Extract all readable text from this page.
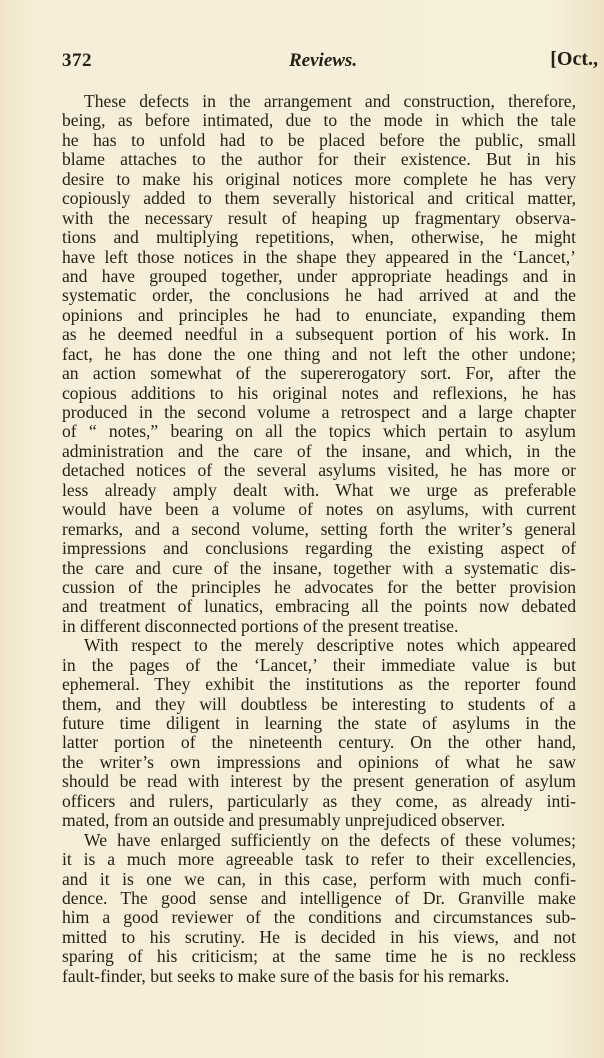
372	Reviews.	[Oct.,
These defects in the arrangement and construction, therefore,
being, as before intimated, due to the mode in which the tale
he has to unfold had to be placed before the public, small
blame attaches to the author for their existence. But in his
desire to make his original notices more complete he has very
copiously added to them severally historical and critical matter,
with the necessary result of heaping up fragmentary observa-
tions and multiplying repetitions, when, otherwise, he might
have left those notices in the shape they appeared in the ‘Lancet,’
and have grouped together, under appropriate headings and in
systematic order, the conclusions he had arrived at and the
opinions and principles he had to enunciate, expanding them
as he deemed needful in a subsequent portion of his work. In
fact, he has done the one thing and not left the other undone;
an action somewhat of the supererogatory sort. For, after the
copious additions to his original notes and reflexions, he has
produced in the second volume a retrospect and a large chapter
of “ notes,” bearing on all the topics which pertain to asylum
administration and the care of the insane, and which, in the
detached notices of the several asylums visited, he has more or
less already amply dealt with. What we urge as preferable
would have been a volume of notes on asylums, with current
remarks, and a second volume, setting forth the writer’s general
impressions and conclusions regarding the existing aspect of
the care and cure of the insane, together with a systematic dis-
cussion of the principles he advocates for the better provision
and treatment of lunatics, embracing all the points now debated
in different disconnected portions of the present treatise.
With respect to the merely descriptive notes which appeared
in the pages of the ‘Lancet,’ their immediate value is but
ephemeral. They exhibit the institutions as the reporter found
them, and they will doubtless be interesting to students of a
future time diligent in learning the state of asylums in the
latter portion of the nineteenth century. On the other hand,
the writer’s own impressions and opinions of what he saw
should be read with interest by the present generation of asylum
officers and rulers, particularly as they come, as already inti-
mated, from an outside and presumably unprejudiced observer.
We have enlarged sufficiently on the defects of these volumes;
it is a much more agreeable task to refer to their excellencies,
and it is one we can, in this case, perform with much confi-
dence. The good sense and intelligence of Dr. Granville make
him a good reviewer of the conditions and circumstances sub-
mitted to his scrutiny. He is decided in his views, and not
sparing of his criticism; at the same time he is no reckless
fault-finder, but seeks to make sure of the basis for his remarks.
